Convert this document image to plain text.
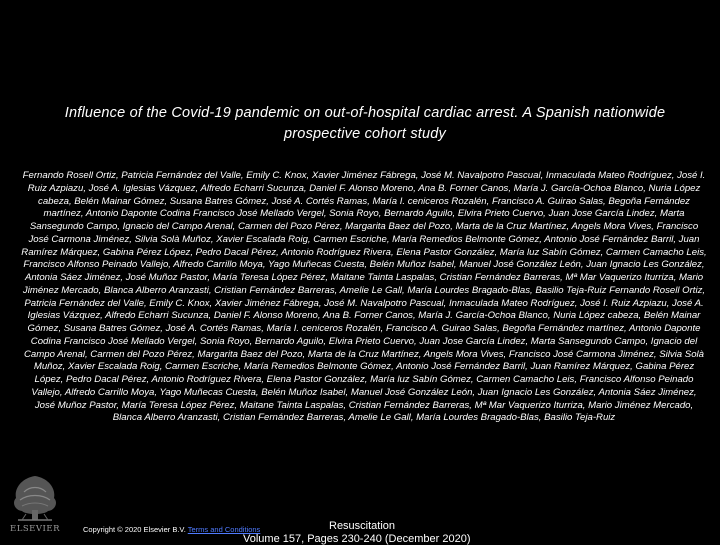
Influence of the Covid-19 pandemic on out-of-hospital cardiac arrest. A Spanish nationwide prospective cohort study
Fernando Rosell Ortiz, Patricia Fernández del Valle, Emily C. Knox, Xavier Jiménez Fábrega, José M. Navalpotro Pascual, Inmaculada Mateo Rodríguez, José I. Ruiz Azpiazu, José A. Iglesias Vázquez, Alfredo Echarri Sucunza, Daniel F. Alonso Moreno, Ana B. Forner Canos, María J. García-Ochoa Blanco, Nuria López cabeza, Belén Mainar Gómez, Susana Batres Gómez, José A. Cortés Ramas, María I. ceniceros Rozalén, Francisco A. Guirao Salas, Begoña Fernández martínez, Antonio Daponte Codina Francisco José Mellado Vergel, Sonia Royo, Bernardo Aguilo, Elvira Prieto Cuervo, Juan Jose García Lindez, Marta Sansegundo Campo, Ignacio del Campo Arenal, Carmen del Pozo Pérez, Margarita Baez del Pozo, Marta de la Cruz Martínez, Angels Mora Vives, Francisco José Carmona Jiménez, Silvia Solà Muñoz, Xavier Escalada Roig, Carmen Escriche, María Remedios Belmonte Gómez, Antonio José Fernández Barril, Juan Ramírez Márquez, Gabina Pérez López, Pedro Dacal Pérez, Antonio Rodríguez Rivera, Elena Pastor González, María luz Sabín Gómez, Carmen Camacho Leis, Francisco Alfonso Peinado Vallejo, Alfredo Carrillo Moya, Yago Muñecas Cuesta, Belén Muñoz Isabel, Manuel José González León, Juan Ignacio Les González, Antonia Sáez Jiménez, José Muñoz Pastor, María Teresa López Pérez, Maitane Tainta Laspalas, Cristian Fernández Barreras, Mª Mar Vaquerizo Iturriza, Mario Jiménez Mercado, Blanca Alberro Aranzasti, Cristian Fernández Barreras, Amelie Le Gall, María Lourdes Bragado-Blas, Basilio Teja-Ruiz Fernando Rosell Ortiz, Patricia Fernández del Valle, Emily C. Knox, Xavier Jiménez Fábrega, José M. Navalpotro Pascual, Inmaculada Mateo Rodríguez, José I. Ruiz Azpiazu, José A. Iglesias Vázquez, Alfredo Echarri Sucunza, Daniel F. Alonso Moreno, Ana B. Forner Canos, María J. García-Ochoa Blanco, Nuria López cabeza, Belén Mainar Gómez, Susana Batres Gómez, José A. Cortés Ramas, María I. ceniceros Rozalén, Francisco A. Guirao Salas, Begoña Fernández martínez, Antonio Daponte Codina Francisco José Mellado Vergel, Sonia Royo, Bernardo Aguilo, Elvira Prieto Cuervo, Juan Jose García Lindez, Marta Sansegundo Campo, Ignacio del Campo Arenal, Carmen del Pozo Pérez, Margarita Baez del Pozo, Marta de la Cruz Martínez, Angels Mora Vives, Francisco José Carmona Jiménez, Silvia Solà Muñoz, Xavier Escalada Roig, Carmen Escriche, María Remedios Belmonte Gómez, Antonio José Fernández Barril, Juan Ramírez Márquez, Gabina Pérez López, Pedro Dacal Pérez, Antonio Rodríguez Rivera, Elena Pastor González, María luz Sabín Gómez, Carmen Camacho Leis, Francisco Alfonso Peinado Vallejo, Alfredo Carrillo Moya, Yago Muñecas Cuesta, Belén Muñoz Isabel, Manuel José González León, Juan Ignacio Les González, Antonia Sáez Jiménez, José Muñoz Pastor, María Teresa López Pérez, Maitane Tainta Laspalas, Cristian Fernández Barreras, Mª Mar Vaquerizo Iturriza, Mario Jiménez Mercado, Blanca Alberro Aranzasti, Cristian Fernández Barreras, Amelie Le Gall, María Lourdes Bragado-Blas, Basilio Teja-Ruiz
ELSEVIER	Copyright © 2020 Elsevier B.V. Terms and Conditions	Resuscitation
Volume 157, Pages 230-240 (December 2020)
